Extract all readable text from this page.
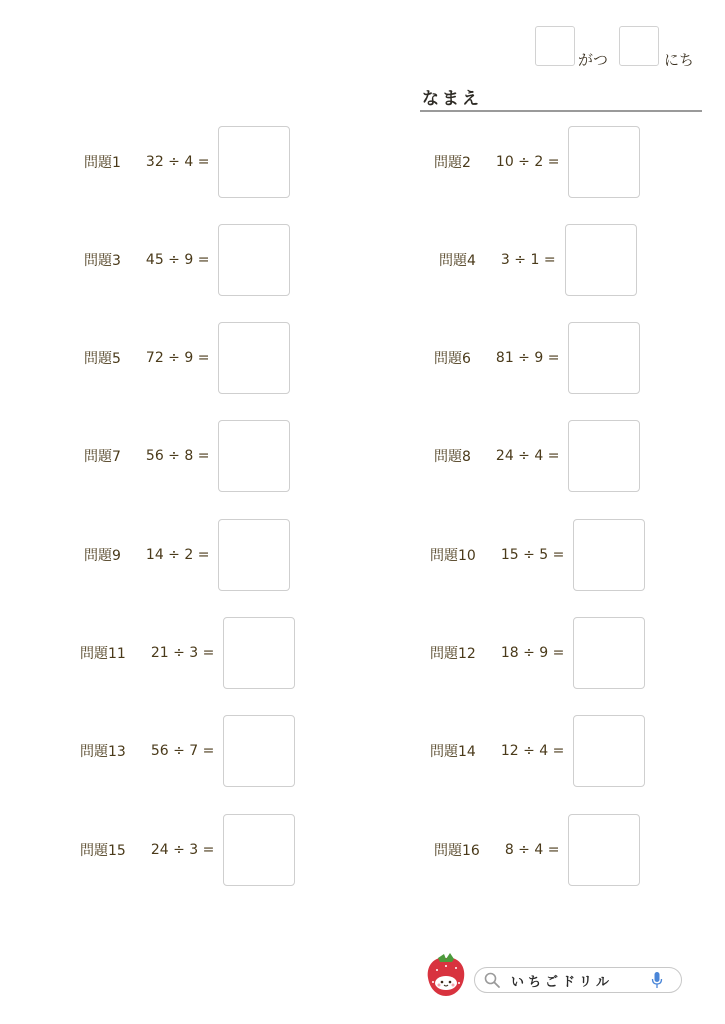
がつ	にち
なまえ
問題1 32 ÷ 4 =	問題2 10 ÷ 2 =
問題3 45 ÷ 9 =	問題4 3 ÷ 1 =
問題5 72 ÷ 9 =	問題6 81 ÷ 9 =
問題7 56 ÷ 8 =	問題8 24 ÷ 4 =
問題9 14 ÷ 2 =	問題10 15 ÷ 5 =
問題11 21 ÷ 3 =	問題12 18 ÷ 9 =
問題13 56 ÷ 7 =	問題14 12 ÷ 4 =
問題15 24 ÷ 3 =	問題16 8 ÷ 4 =
いちごドリル
